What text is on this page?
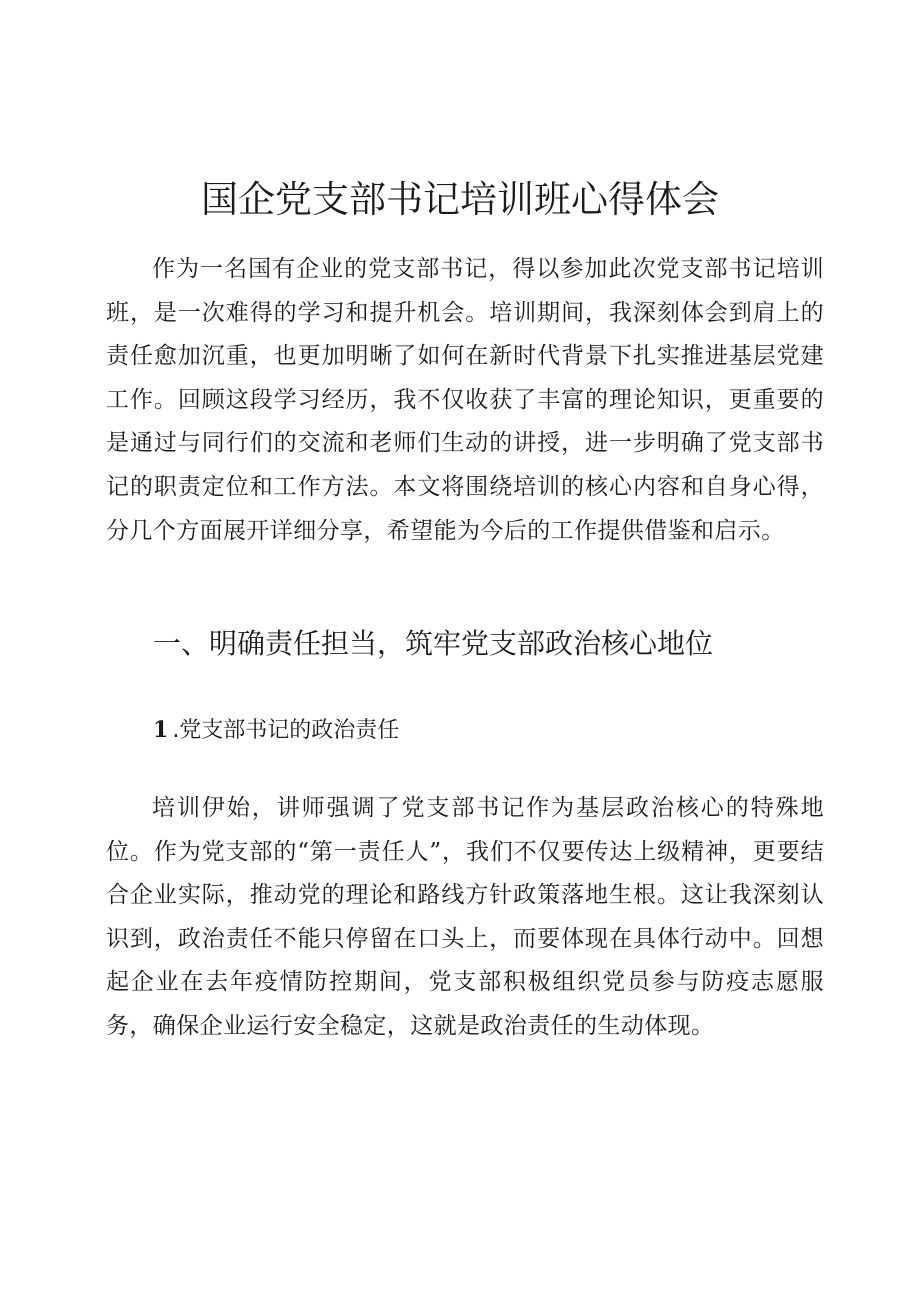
国企党支部书记培训班心得体会

作为一名国有企业的党支部书记，得以参加此次党支部书记培训班，是一次难得的学习和提升机会。培训期间，我深刻体会到肩上的责任愈加沉重，也更加明晰了如何在新时代背景下扎实推进基层党建工作。回顾这段学习经历，我不仅收获了丰富的理论知识，更重要的是通过与同行们的交流和老师们生动的讲授，进一步明确了党支部书记的职责定位和工作方法。本文将围绕培训的核心内容和自身心得，分几个方面展开详细分享，希望能为今后的工作提供借鉴和启示。

一、明确责任担当，筑牢党支部政治核心地位
1 .党支部书记的政治责任

培训伊始，讲师强调了党支部书记作为基层政治核心的特殊地位。作为党支部的“第一责任人”，我们不仅要传达上级精神，更要结合企业实际，推动党的理论和路线方针政策落地生根。这让我深刻认识到，政治责任不能只停留在口头上，而要体现在具体行动中。回想起企业在去年疫情防控期间，党支部积极组织党员参与防疫志愿服务，确保企业运行安全稳定，这就是政治责任的生动体现。
